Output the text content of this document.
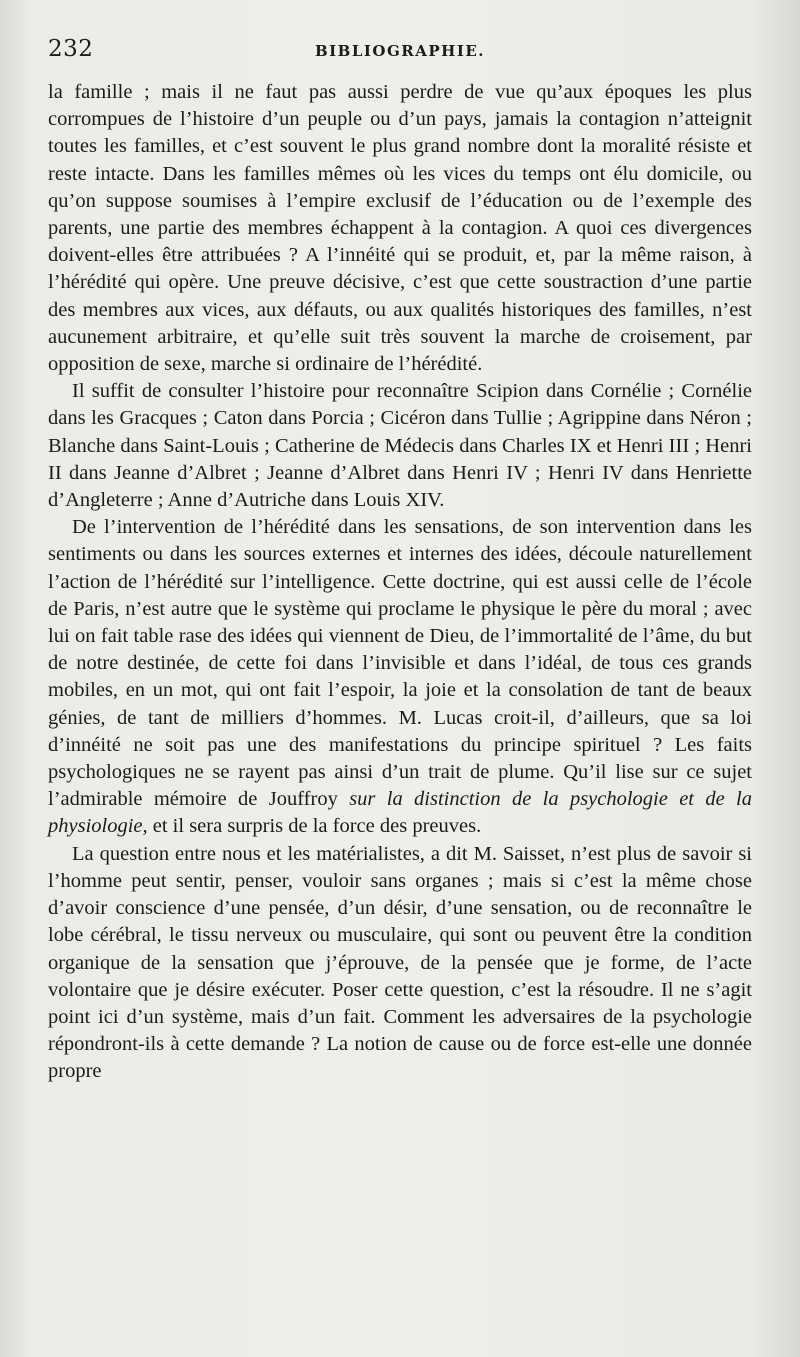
232	BIBLIOGRAPHIE.

la famille ; mais il ne faut pas aussi perdre de vue qu’aux époques les plus corrompues de l’histoire d’un peuple ou d’un pays, jamais la contagion n’atteignit toutes les familles, et c’est souvent le plus grand nombre dont la moralité résiste et reste intacte. Dans les familles mêmes où les vices du temps ont élu domicile, ou qu’on suppose soumises à l’empire exclusif de l’éducation ou de l’exemple des parents, une partie des membres échappent à la contagion. A quoi ces divergences doivent-elles être attribuées ? A l’innéité qui se produit, et, par la même raison, à l’hérédité qui opère. Une preuve décisive, c’est que cette soustraction d’une partie des membres aux vices, aux défauts, ou aux qualités historiques des familles, n’est aucunement arbitraire, et qu’elle suit très souvent la marche de croisement, par opposition de sexe, marche si ordinaire de l’hérédité.

Il suffit de consulter l’histoire pour reconnaître Scipion dans Cornélie ; Cornélie dans les Gracques ; Caton dans Porcia ; Cicéron dans Tullie ; Agrippine dans Néron ; Blanche dans Saint-Louis ; Catherine de Médecis dans Charles IX et Henri III ; Henri II dans Jeanne d’Albret ; Jeanne d’Albret dans Henri IV ; Henri IV dans Henriette d’Angleterre ; Anne d’Autriche dans Louis XIV.

De l’intervention de l’hérédité dans les sensations, de son intervention dans les sentiments ou dans les sources externes et internes des idées, découle naturellement l’action de l’hérédité sur l’intelligence. Cette doctrine, qui est aussi celle de l’école de Paris, n’est autre que le système qui proclame le physique le père du moral ; avec lui on fait table rase des idées qui viennent de Dieu, de l’immortalité de l’âme, du but de notre destinée, de cette foi dans l’invisible et dans l’idéal, de tous ces grands mobiles, en un mot, qui ont fait l’espoir, la joie et la consolation de tant de beaux génies, de tant de milliers d’hommes. M. Lucas croit-il, d’ailleurs, que sa loi d’innéité ne soit pas une des manifestations du principe spirituel ? Les faits psychologiques ne se rayent pas ainsi d’un trait de plume. Qu’il lise sur ce sujet l’admirable mémoire de Jouffroy sur la distinction de la psychologie et de la physiologie, et il sera surpris de la force des preuves.

La question entre nous et les matérialistes, a dit M. Saisset, n’est plus de savoir si l’homme peut sentir, penser, vouloir sans organes ; mais si c’est la même chose d’avoir conscience d’une pensée, d’un désir, d’une sensation, ou de reconnaître le lobe cérébral, le tissu nerveux ou musculaire, qui sont ou peuvent être la condition organique de la sensation que j’éprouve, de la pensée que je forme, de l’acte volontaire que je désire exécuter. Poser cette question, c’est la résoudre. Il ne s’agit point ici d’un système, mais d’un fait. Comment les adversaires de la psychologie répondront-ils à cette demande ? La notion de cause ou de force est-elle une donnée propre
